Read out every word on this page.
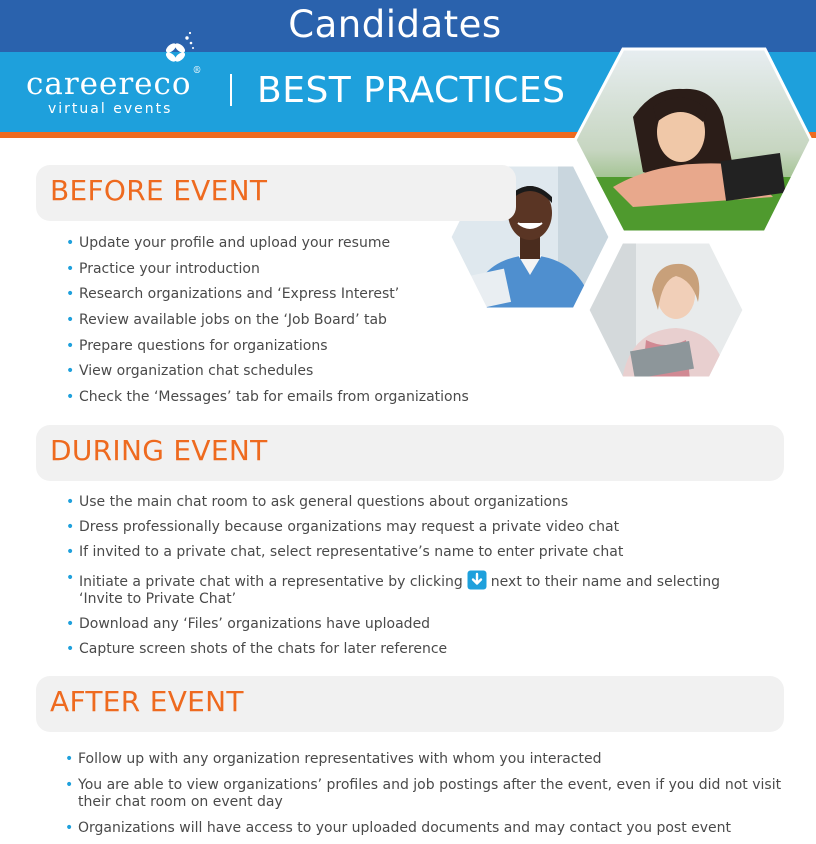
Candidates
careereco®
virtual events BEST PRACTICES
BEFORE EVENT
• Update your profile and upload your resume
• Practice your introduction
• Research organizations and ‘Express Interest’
• Review available jobs on the ‘Job Board’ tab
• Prepare questions for organizations
• View organization chat schedules
• Check the ‘Messages’ tab for emails from organizations
DURING EVENT
• Use the main chat room to ask general questions about organizations
• Dress professionally because organizations may request a private video chat
• If invited to a private chat, select representative’s name to enter private chat
• Initiate a private chat with a representative by clicking next to their name and selecting ‘Invite to Private Chat’
• Download any ‘Files’ organizations have uploaded
• Capture screen shots of the chats for later reference
AFTER EVENT
• Follow up with any organization representatives with whom you interacted
• You are able to view organizations’ profiles and job postings after the event, even if you did not visit their chat room on event day
• Organizations will have access to your uploaded documents and may contact you post event
